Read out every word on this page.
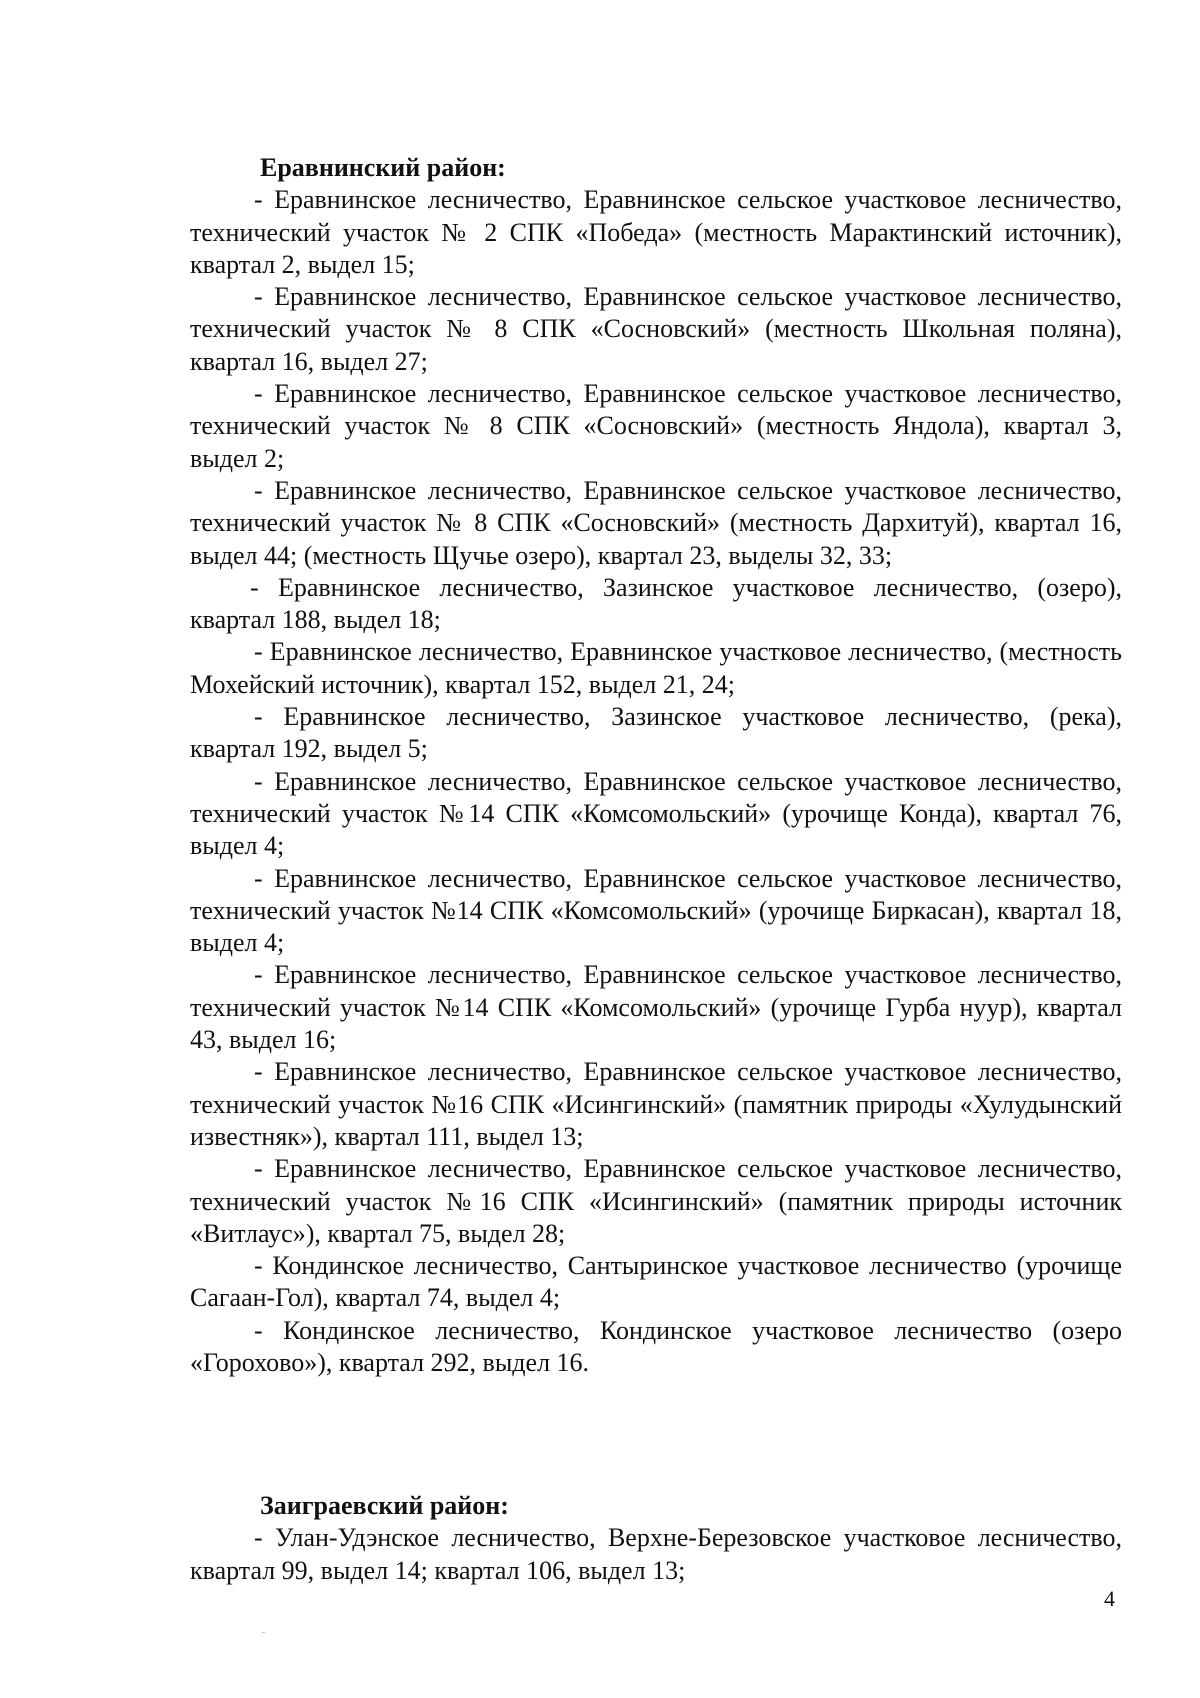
Еравнинский район:

- Еравнинское лесничество, Еравнинское сельское участковое лесничество, технический участок № 2 СПК «Победа» (местность Марактинский источник), квартал 2, выдел 15;

- Еравнинское лесничество, Еравнинское сельское участковое лесничество, технический участок № 8 СПК «Сосновский» (местность Школьная поляна), квартал 16, выдел 27;

- Еравнинское лесничество, Еравнинское сельское участковое лесничество, технический участок № 8 СПК «Сосновский» (местность Яндола), квартал 3, выдел 2;

- Еравнинское лесничество, Еравнинское сельское участковое лесничество, технический участок № 8 СПК «Сосновский» (местность Дархитуй), квартал 16, выдел 44; (местность Щучье озеро), квартал 23, выделы 32, 33;

- Еравнинское лесничество, Зазинское участковое лесничество, (озеро), квартал 188, выдел 18;

- Еравнинское лесничество, Еравнинское участковое лесничество, (местность Мохейский источник), квартал 152, выдел 21, 24;

- Еравнинское лесничество, Зазинское участковое лесничество, (река), квартал 192, выдел 5;

- Еравнинское лесничество, Еравнинское сельское участковое лесничество, технический участок №14 СПК «Комсомольский» (урочище Конда), квартал 76, выдел 4;

- Еравнинское лесничество, Еравнинское сельское участковое лесничество, технический участок №14 СПК «Комсомольский» (урочище Биркасан), квартал 18, выдел 4;

- Еравнинское лесничество, Еравнинское сельское участковое лесничество, технический участок №14 СПК «Комсомольский» (урочище Гурба нуур), квартал 43, выдел 16;

- Еравнинское лесничество, Еравнинское сельское участковое лесничество, технический участок №16 СПК «Исингинский» (памятник природы «Хулудынский известняк»), квартал 111, выдел 13;

- Еравнинское лесничество, Еравнинское сельское участковое лесничество, технический участок №16 СПК «Исингинский» (памятник природы источник «Витлаус»), квартал 75, выдел 28;

- Кондинское лесничество, Сантыринское участковое лесничество (урочище Сагаан-Гол), квартал 74, выдел 4;

- Кондинское лесничество, Кондинское участковое лесничество (озеро «Горохово»), квартал 292, выдел 16.

Заиграевский район:

- Улан-Удэнское лесничество, Верхне-Березовское участковое лесничество, квартал 99, выдел 14; квартал 106, выдел 13;

4
